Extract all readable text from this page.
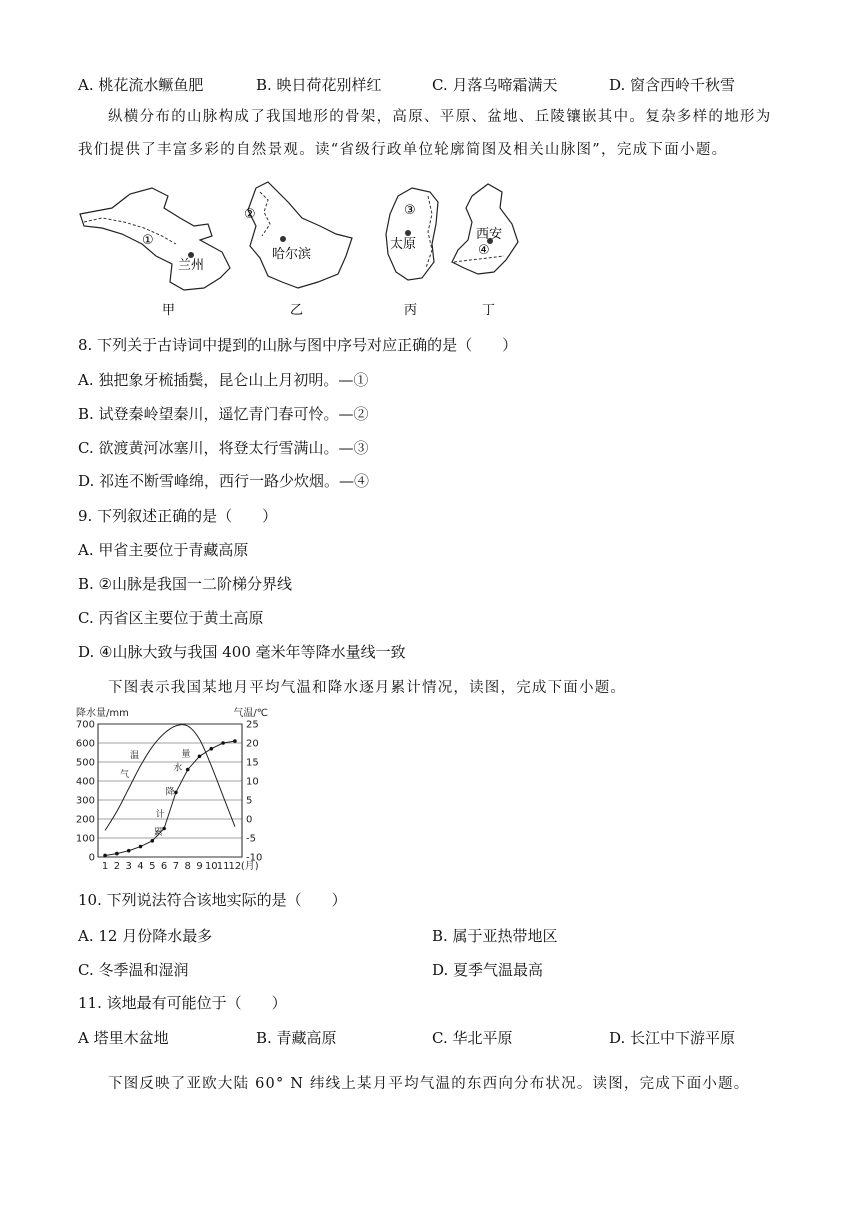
A. 桃花流水鳜鱼肥	B. 映日荷花别样红	C. 月落乌啼霜满天	D. 窗含西岭千秋雪
纵横分布的山脉构成了我国地形的骨架，高原、平原、盆地、丘陵镶嵌其中。复杂多样的地形为我们提供了丰富多彩的自然景观。读“省级行政单位轮廓简图及相关山脉图”，完成下面小题。
①
兰州
甲
②
哈尔滨
乙
③
太原
丙
④
西安
丁
8. 下列关于古诗词中提到的山脉与图中序号对应正确的是（　　）
A. 独把象牙梳插鬓，昆仑山上月初明。—①
B. 试登秦岭望秦川，遥忆青门春可怜。—②
C. 欲渡黄河冰塞川，将登太行雪满山。—③
D. 祁连不断雪峰绵，西行一路少炊烟。—④
9. 下列叙述正确的是（　　）
A. 甲省主要位于青藏高原
B. ②山脉是我国一二阶梯分界线
C. 丙省区主要位于黄土高原
D. ④山脉大致与我国 400 毫米年等降水量线一致
下图表示我国某地月平均气温和降水逐月累计情况，读图，完成下面小题。
0
100
200
300
400
500
600
700
-10
-5
0
5
10
15
20
25
1 2 3 4 5 6 7 8 9 10 11 12 (月)
降水量/mm	气温/℃
气
温
累
计
降
水
量
10. 下列说法符合该地实际的是（　　）
A. 12 月份降水最多	B. 属于亚热带地区
C. 冬季温和湿润	D. 夏季气温最高
11. 该地最有可能位于（　　）
A 塔里木盆地	B. 青藏高原	C. 华北平原	D. 长江中下游平原
下图反映了亚欧大陆 60° N 纬线上某月平均气温的东西向分布状况。读图，完成下面小题。
